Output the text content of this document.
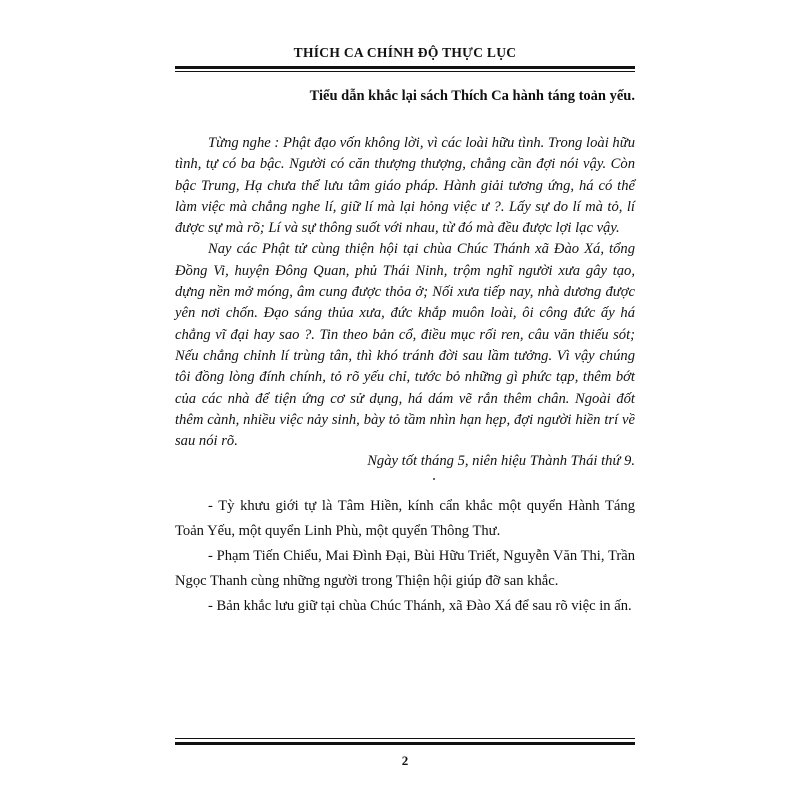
THÍCH CA CHÍNH ĐỘ THỰC LỤC
Tiểu dẫn khắc lại sách Thích Ca hành táng toản yếu.

Từng nghe : Phật đạo vốn không lời, vì các loài hữu tình. Trong loài hữu tình, tự có ba bậc. Người có căn thượng thượng, chẳng cần đợi nói vậy. Còn bậc Trung, Hạ chưa thể lưu tâm giáo pháp. Hành giải tương ứng, há có thể làm việc mà chẳng nghe lí, giữ lí mà lại hỏng việc ư ?. Lấy sự do lí mà tỏ, lí được sự mà rõ; Lí và sự thông suốt với nhau, từ đó mà đều được lợi lạc vậy.

Nay các Phật tử cùng thiện hội tại chùa Chúc Thánh xã Đào Xá, tổng Đồng Vi, huyện Đông Quan, phủ Thái Ninh, trộm nghĩ người xưa gây tạo, dựng nền mở móng, âm cung được thỏa ở; Nối xưa tiếp nay, nhà dương được yên nơi chốn. Đạo sáng thủa xưa, đức khắp muôn loài, ôi công đức ấy há chẳng vĩ đại hay sao ?. Tin theo bản cổ, điều mục rối ren, câu văn thiếu sót; Nếu chẳng chỉnh lí trùng tân, thì khó tránh đời sau lầm tưởng. Vì vậy chúng tôi đồng lòng đính chính, tỏ rõ yếu chỉ, tước bỏ những gì phức tạp, thêm bớt của các nhà để tiện ứng cơ sử dụng, há dám vẽ rắn thêm chân. Ngoài đốt thêm cành, nhiều việc nảy sinh, bày tỏ tầm nhìn hạn hẹp, đợi người hiền trí về sau nói rõ.

Ngày tốt tháng 5, niên hiệu Thành Thái thứ 9.

- Tỳ khưu giới tự là Tâm Hiền, kính cẩn khắc một quyển Hành Táng Toản Yếu, một quyển Linh Phù, một quyển Thông Thư.

- Phạm Tiến Chiểu, Mai Đình Đại, Bùi Hữu Triết, Nguyễn Văn Thi, Trần Ngọc Thanh cùng những người trong Thiện hội giúp đỡ san khắc.

- Bản khắc lưu giữ tại chùa Chúc Thánh, xã Đào Xá để sau rõ việc in ấn.

2
